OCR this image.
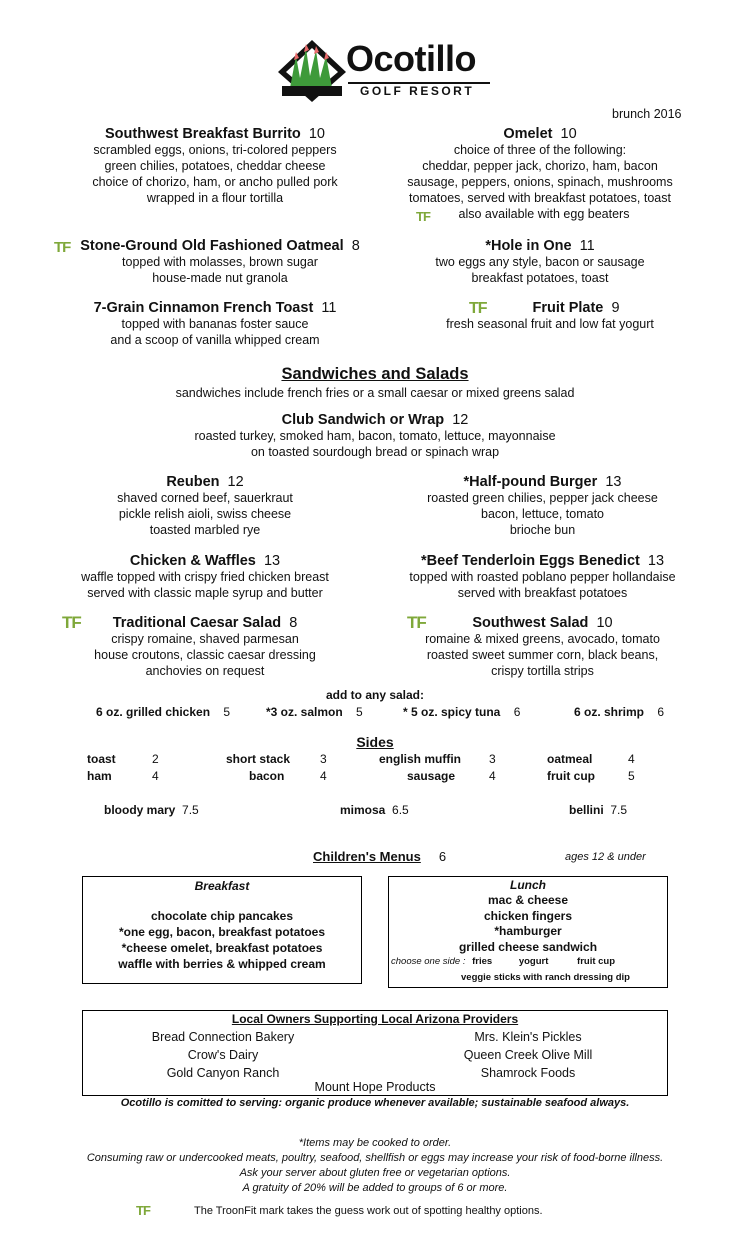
Ocotillo
GOLF RESORT
brunch 2016
Southwest Breakfast Burrito 10
scrambled eggs, onions, tri-colored peppers
green chilies, potatoes, cheddar cheese
choice of chorizo, ham, or ancho pulled pork
wrapped in a flour tortilla
Omelet 10
choice of three of the following:
cheddar, pepper jack, chorizo, ham, bacon
sausage, peppers, onions, spinach, mushrooms
tomatoes, served with breakfast potatoes, toast
also available with egg beaters
TF
TF Stone-Ground Old Fashioned Oatmeal 8
topped with molasses, brown sugar
house-made nut granola
*Hole in One 11
two eggs any style, bacon or sausage
breakfast potatoes, toast
7-Grain Cinnamon French Toast 11
topped with bananas foster sauce
and a scoop of vanilla whipped cream
TF	Fruit Plate 9
fresh seasonal fruit and low fat yogurt
Sandwiches and Salads
sandwiches include french fries or a small caesar or mixed greens salad
Club Sandwich or Wrap 12
roasted turkey, smoked ham, bacon, tomato, lettuce, mayonnaise
on toasted sourdough bread or spinach wrap
Reuben 12
shaved corned beef, sauerkraut
pickle relish aioli, swiss cheese
toasted marbled rye
*Half-pound Burger 13
roasted green chilies, pepper jack cheese
bacon, lettuce, tomato
brioche bun
Chicken & Waffles 13
waffle topped with crispy fried chicken breast
served with classic maple syrup and butter
*Beef Tenderloin Eggs Benedict 13
topped with roasted poblano pepper hollandaise
served with breakfast potatoes
TF	Traditional Caesar Salad 8
crispy romaine, shaved parmesan
house croutons, classic caesar dressing
anchovies on request
TF	Southwest Salad 10
romaine & mixed greens, avocado, tomato
roasted sweet summer corn, black beans,
crispy tortilla strips
add to any salad:
6 oz. grilled chicken 5	*3 oz. salmon 5	* 5 oz. spicy tuna 6	6 oz. shrimp 6
Sides
toast	2	short stack 3	english muffin 3	oatmeal	4
ham	4	bacon	4	sausage	4	fruit cup	5
bloody mary 7.5	mimosa 6.5	bellini 7.5
Children's Menus 6	ages 12 & under
Breakfast
chocolate chip pancakes
*one egg, bacon, breakfast potatoes
*cheese omelet, breakfast potatoes
waffle with berries & whipped cream
Lunch
mac & cheese
chicken fingers
*hamburger
grilled cheese sandwich
choose one side : fries	yogurt	fruit cup
veggie sticks with ranch dressing dip
Local Owners Supporting Local Arizona Providers
Bread Connection Bakery
Crow's Dairy
Gold Canyon Ranch
Mrs. Klein's Pickles
Queen Creek Olive Mill
Shamrock Foods
Mount Hope Products
Ocotillo is comitted to serving: organic produce whenever available; sustainable seafood always.
*Items may be cooked to order.
Consuming raw or undercooked meats, poultry, seafood, shellfish or eggs may increase your risk of food-borne illness.
Ask your server about gluten free or vegetarian options.
A gratuity of 20% will be added to groups of 6 or more.
TF	The TroonFit mark takes the guess work out of spotting healthy options.
